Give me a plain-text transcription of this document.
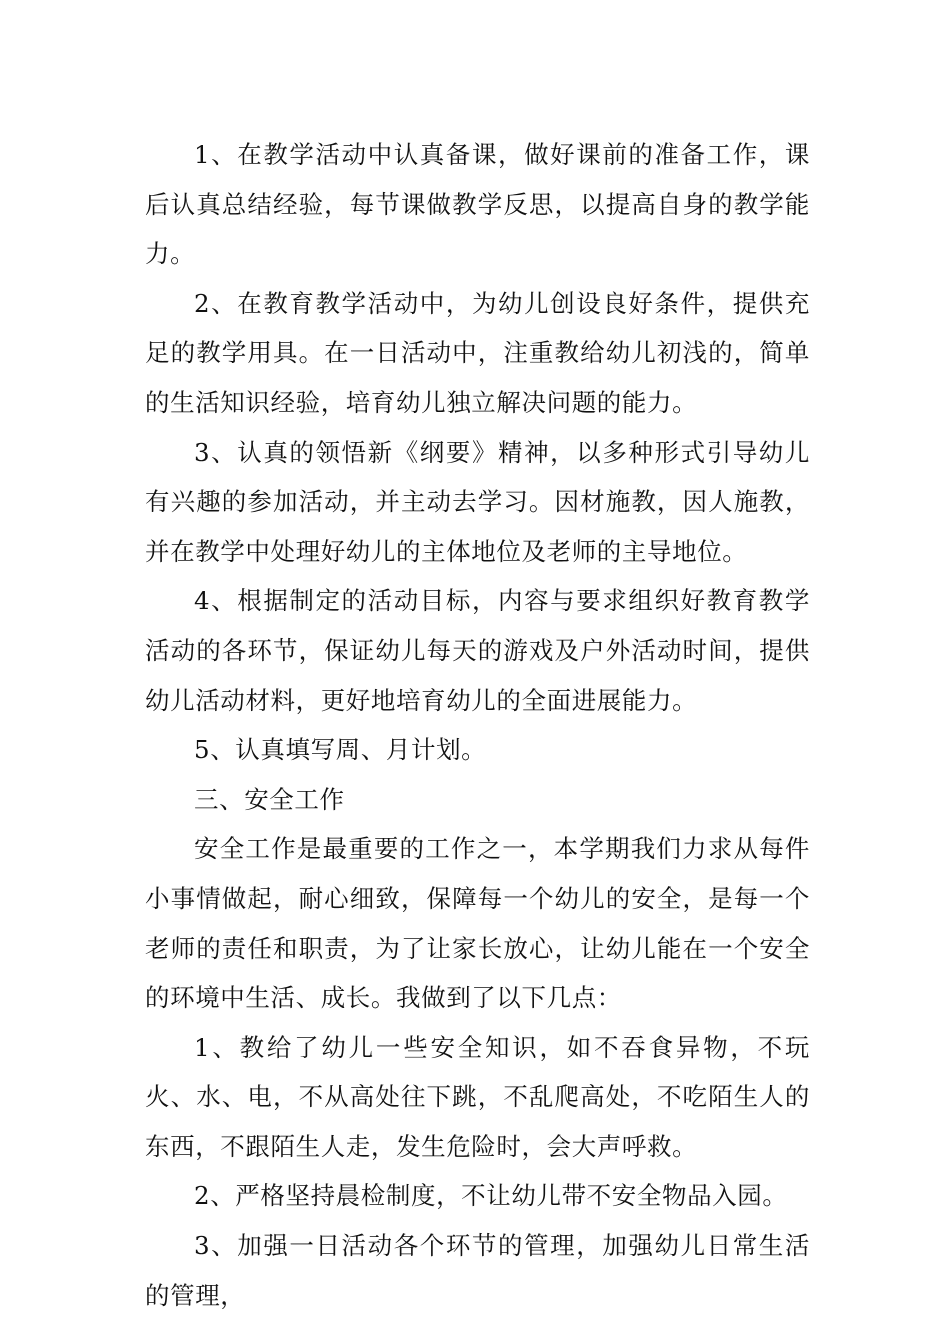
1、在教学活动中认真备课，做好课前的准备工作，课后认真总结经验，每节课做教学反思，以提高自身的教学能力。

2、在教育教学活动中，为幼儿创设良好条件，提供充足的教学用具。在一日活动中，注重教给幼儿初浅的，简单的生活知识经验，培育幼儿独立解决问题的能力。

3、认真的领悟新《纲要》精神，以多种形式引导幼儿有兴趣的参加活动，并主动去学习。因材施教，因人施教，并在教学中处理好幼儿的主体地位及老师的主导地位。

4、根据制定的活动目标，内容与要求组织好教育教学活动的各环节，保证幼儿每天的游戏及户外活动时间，提供幼儿活动材料，更好地培育幼儿的全面进展能力。

5、认真填写周、月计划。

三、安全工作

安全工作是最重要的工作之一，本学期我们力求从每件小事情做起，耐心细致，保障每一个幼儿的安全，是每一个老师的责任和职责，为了让家长放心，让幼儿能在一个安全的环境中生活、成长。我做到了以下几点：

1、教给了幼儿一些安全知识，如不吞食异物，不玩火、水、电，不从高处往下跳，不乱爬高处，不吃陌生人的东西，不跟陌生人走，发生危险时，会大声呼救。

2、严格坚持晨检制度，不让幼儿带不安全物品入园。

3、加强一日活动各个环节的管理，加强幼儿日常生活的管理，
